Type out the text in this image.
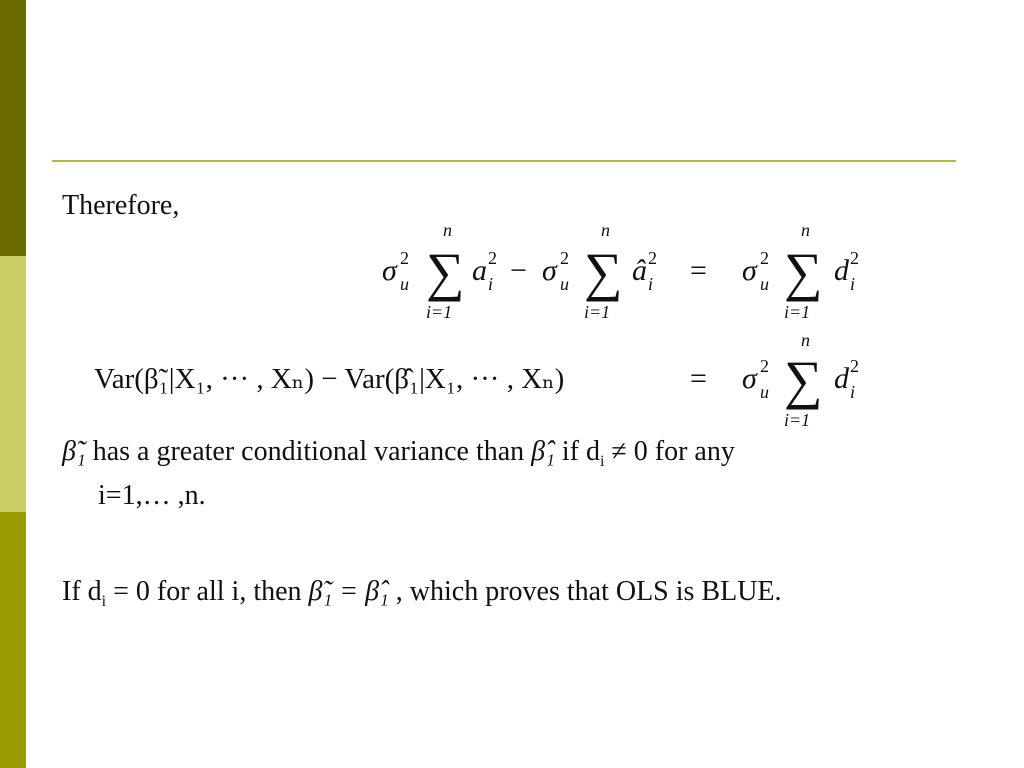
Therefore,
σ 2
u ∑
n
i=1
a 2
i − σ 2
u ∑
n
i=1
â 2
i = σ 2
u ∑
n
i=1
d 2
i
Var(β̃₁|X₁, ··· , Xₙ) − Var(β̂₁|X₁, ··· , Xₙ)	= σ 2
u ∑
n
i=1
d 2
i
β̃₁ has a greater conditional variance than β̂₁ if $d_i \ne 0$ for any
i=1,… ,n.
If $d_i = 0$ for all i, then β̃₁ = β̂₁ , which proves that OLS is BLUE.
